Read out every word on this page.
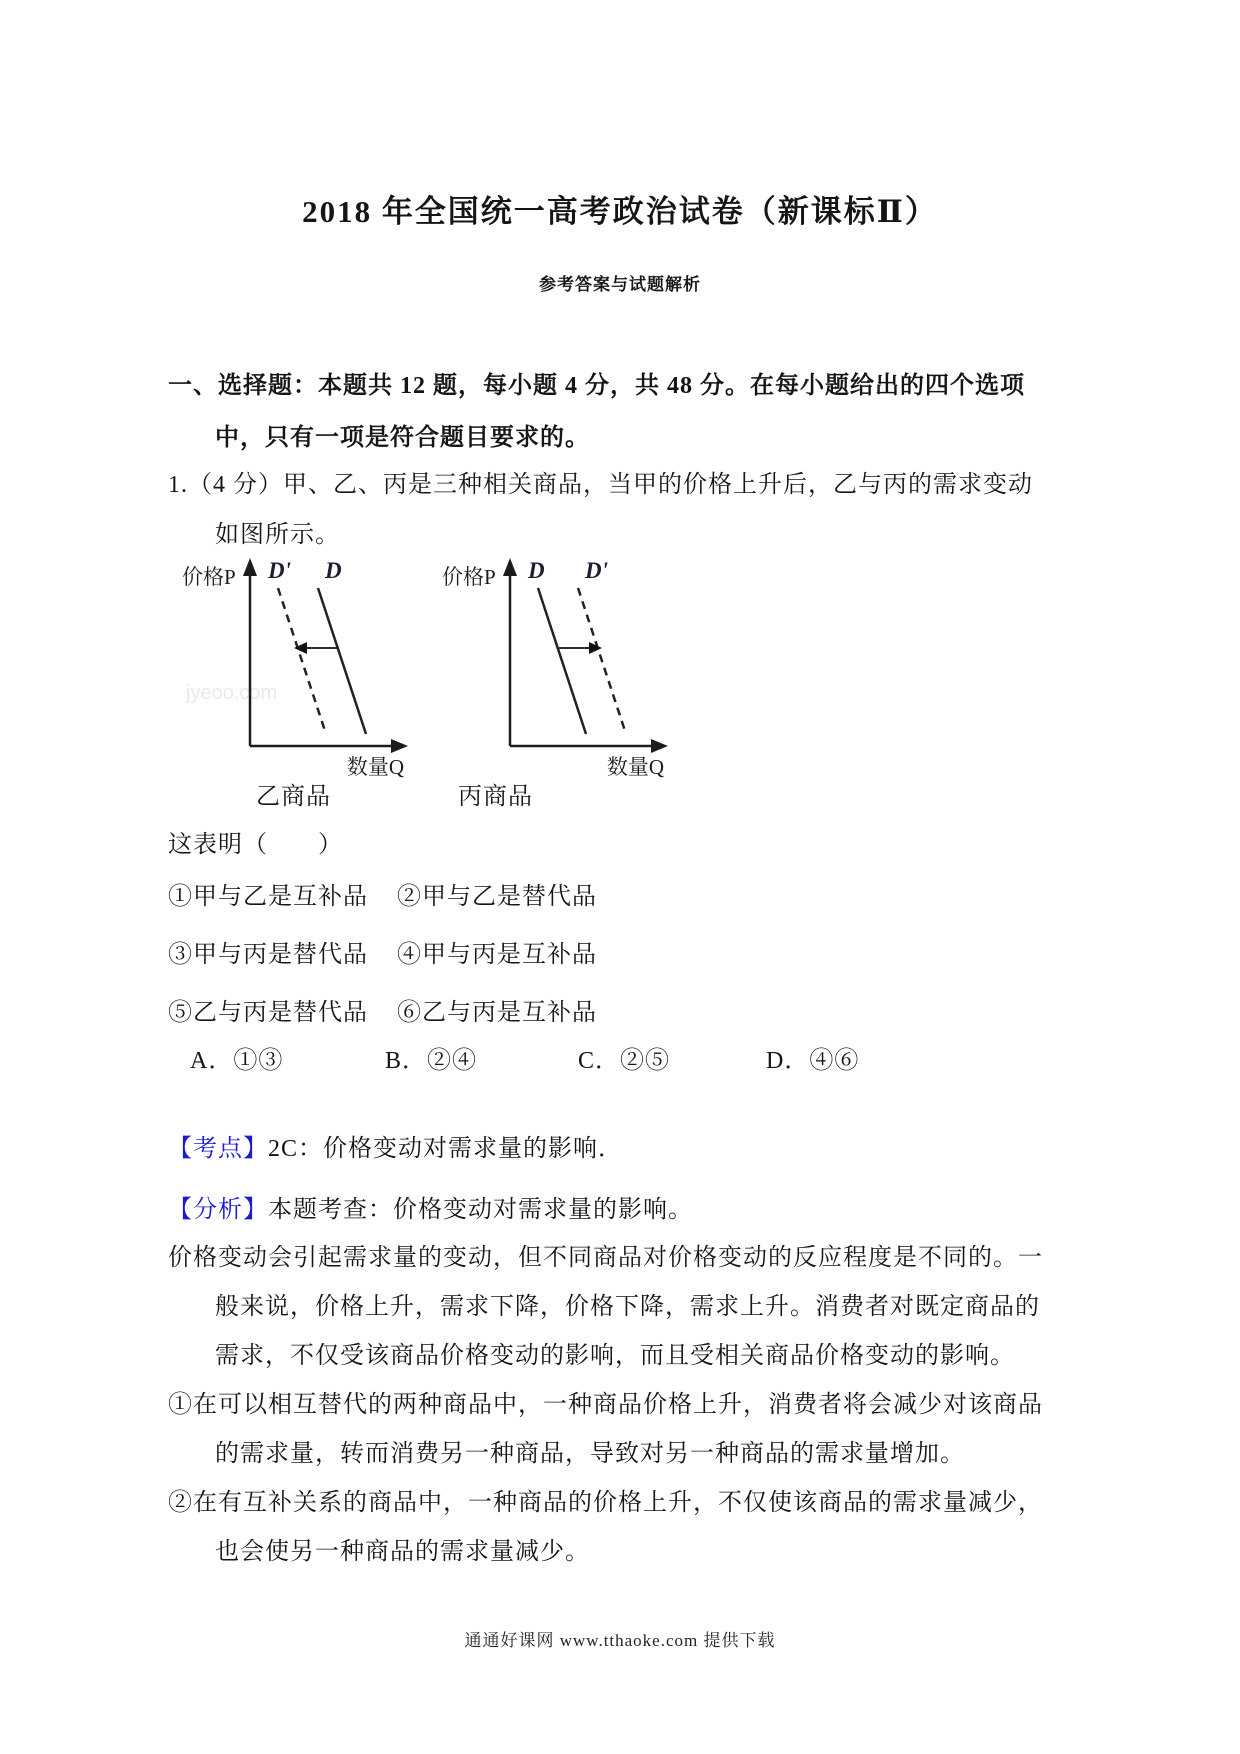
2018 年全国统一高考政治试卷（新课标Ⅱ）
参考答案与试题解析
一、选择题：本题共 12 题，每小题 4 分，共 48 分。在每小题给出的四个选项
中，只有一项是符合题目要求的。
1.（4 分）甲、乙、丙是三种相关商品，当甲的价格上升后，乙与丙的需求变动
如图所示。
价格P D' D
数量Q
价格P D D'
数量Q
jyeoo.com
乙商品	丙商品
这表明（　　）
①甲与乙是互补品 ②甲与乙是替代品
③甲与丙是替代品 ④甲与丙是互补品
⑤乙与丙是替代品 ⑥乙与丙是互补品
A．①③	B．②④	C．②⑤	D．④⑥
【考点】2C：价格变动对需求量的影响．
【分析】本题考查：价格变动对需求量的影响。
价格变动会引起需求量的变动，但不同商品对价格变动的反应程度是不同的。一
般来说，价格上升，需求下降，价格下降，需求上升。消费者对既定商品的
需求，不仅受该商品价格变动的影响，而且受相关商品价格变动的影响。
①在可以相互替代的两种商品中，一种商品价格上升，消费者将会减少对该商品
的需求量，转而消费另一种商品，导致对另一种商品的需求量增加。
②在有互补关系的商品中，一种商品的价格上升，不仅使该商品的需求量减少，
也会使另一种商品的需求量减少。
通通好课网 www.tthaoke.com 提供下载
